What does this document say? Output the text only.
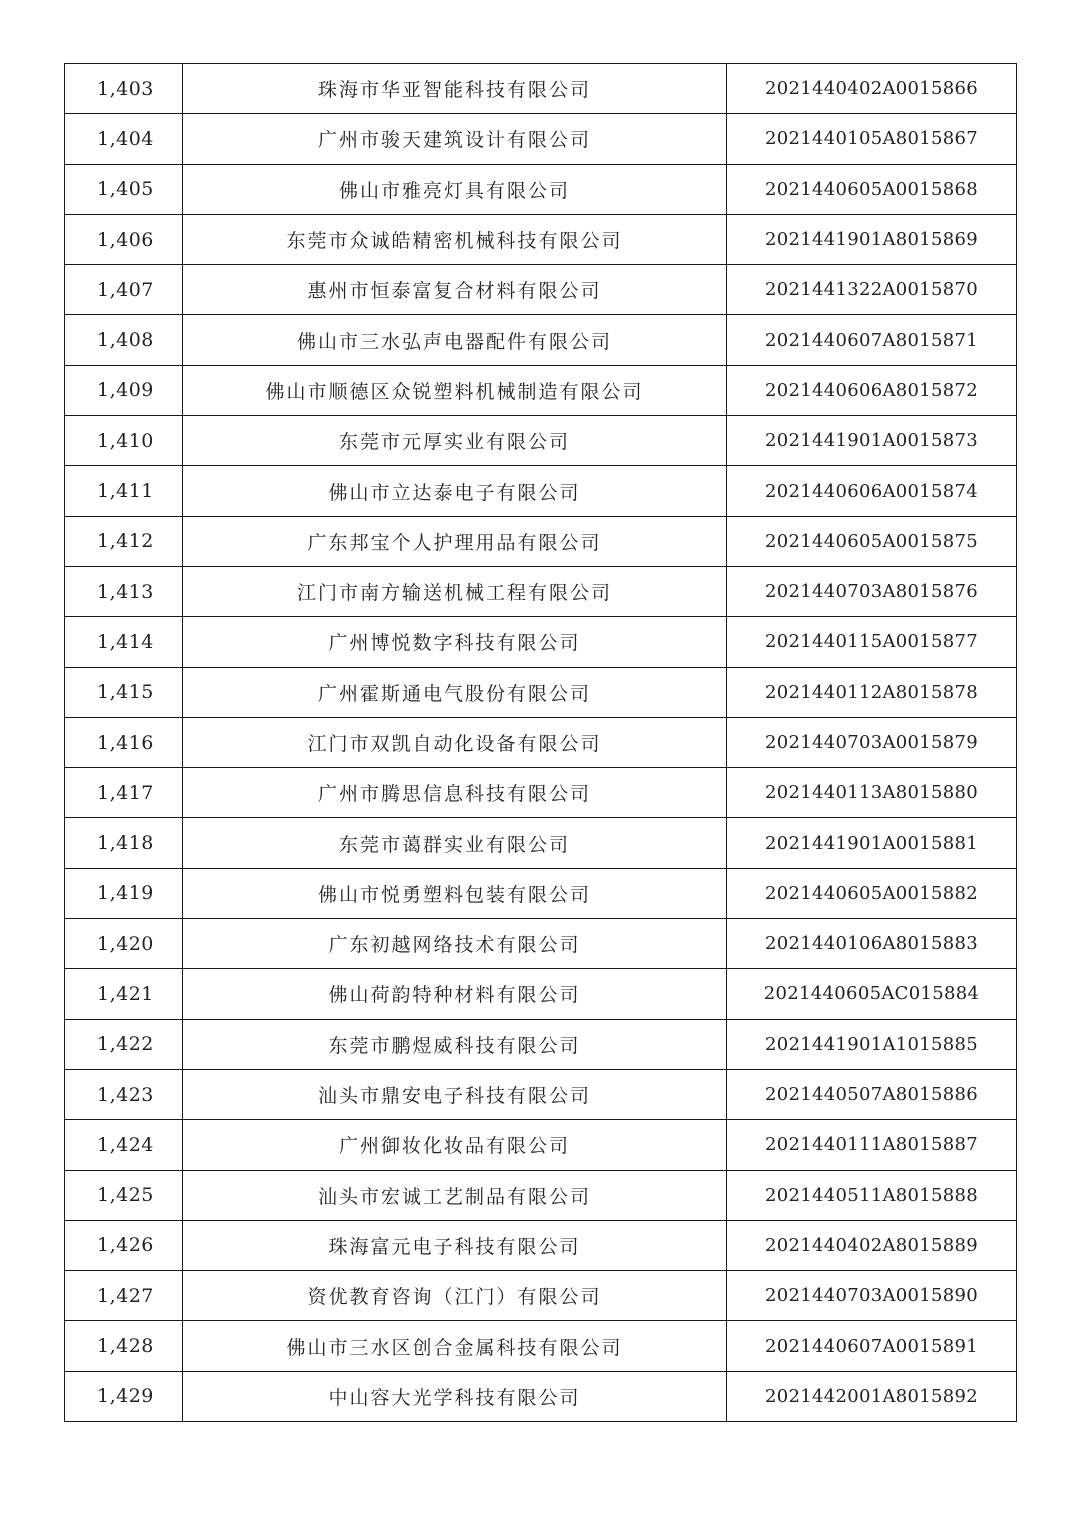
1,403	珠海市华亚智能科技有限公司	2021440402A0015866
1,404	广州市骏天建筑设计有限公司	2021440105A8015867
1,405	佛山市雅亮灯具有限公司	2021440605A0015868
1,406	东莞市众诚皓精密机械科技有限公司	2021441901A8015869
1,407	惠州市恒泰富复合材料有限公司	2021441322A0015870
1,408	佛山市三水弘声电器配件有限公司	2021440607A8015871
1,409	佛山市顺德区众锐塑料机械制造有限公司	2021440606A8015872
1,410	东莞市元厚实业有限公司	2021441901A0015873
1,411	佛山市立达泰电子有限公司	2021440606A0015874
1,412	广东邦宝个人护理用品有限公司	2021440605A0015875
1,413	江门市南方输送机械工程有限公司	2021440703A8015876
1,414	广州博悦数字科技有限公司	2021440115A0015877
1,415	广州霍斯通电气股份有限公司	2021440112A8015878
1,416	江门市双凯自动化设备有限公司	2021440703A0015879
1,417	广州市腾思信息科技有限公司	2021440113A8015880
1,418	东莞市蔼群实业有限公司	2021441901A0015881
1,419	佛山市悦勇塑料包装有限公司	2021440605A0015882
1,420	广东初越网络技术有限公司	2021440106A8015883
1,421	佛山荷韵特种材料有限公司	2021440605AC015884
1,422	东莞市鹏煜威科技有限公司	2021441901A1015885
1,423	汕头市鼎安电子科技有限公司	2021440507A8015886
1,424	广州御妆化妆品有限公司	2021440111A8015887
1,425	汕头市宏诚工艺制品有限公司	2021440511A8015888
1,426	珠海富元电子科技有限公司	2021440402A8015889
1,427	资优教育咨询（江门）有限公司	2021440703A0015890
1,428	佛山市三水区创合金属科技有限公司	2021440607A0015891
1,429	中山容大光学科技有限公司	2021442001A8015892
